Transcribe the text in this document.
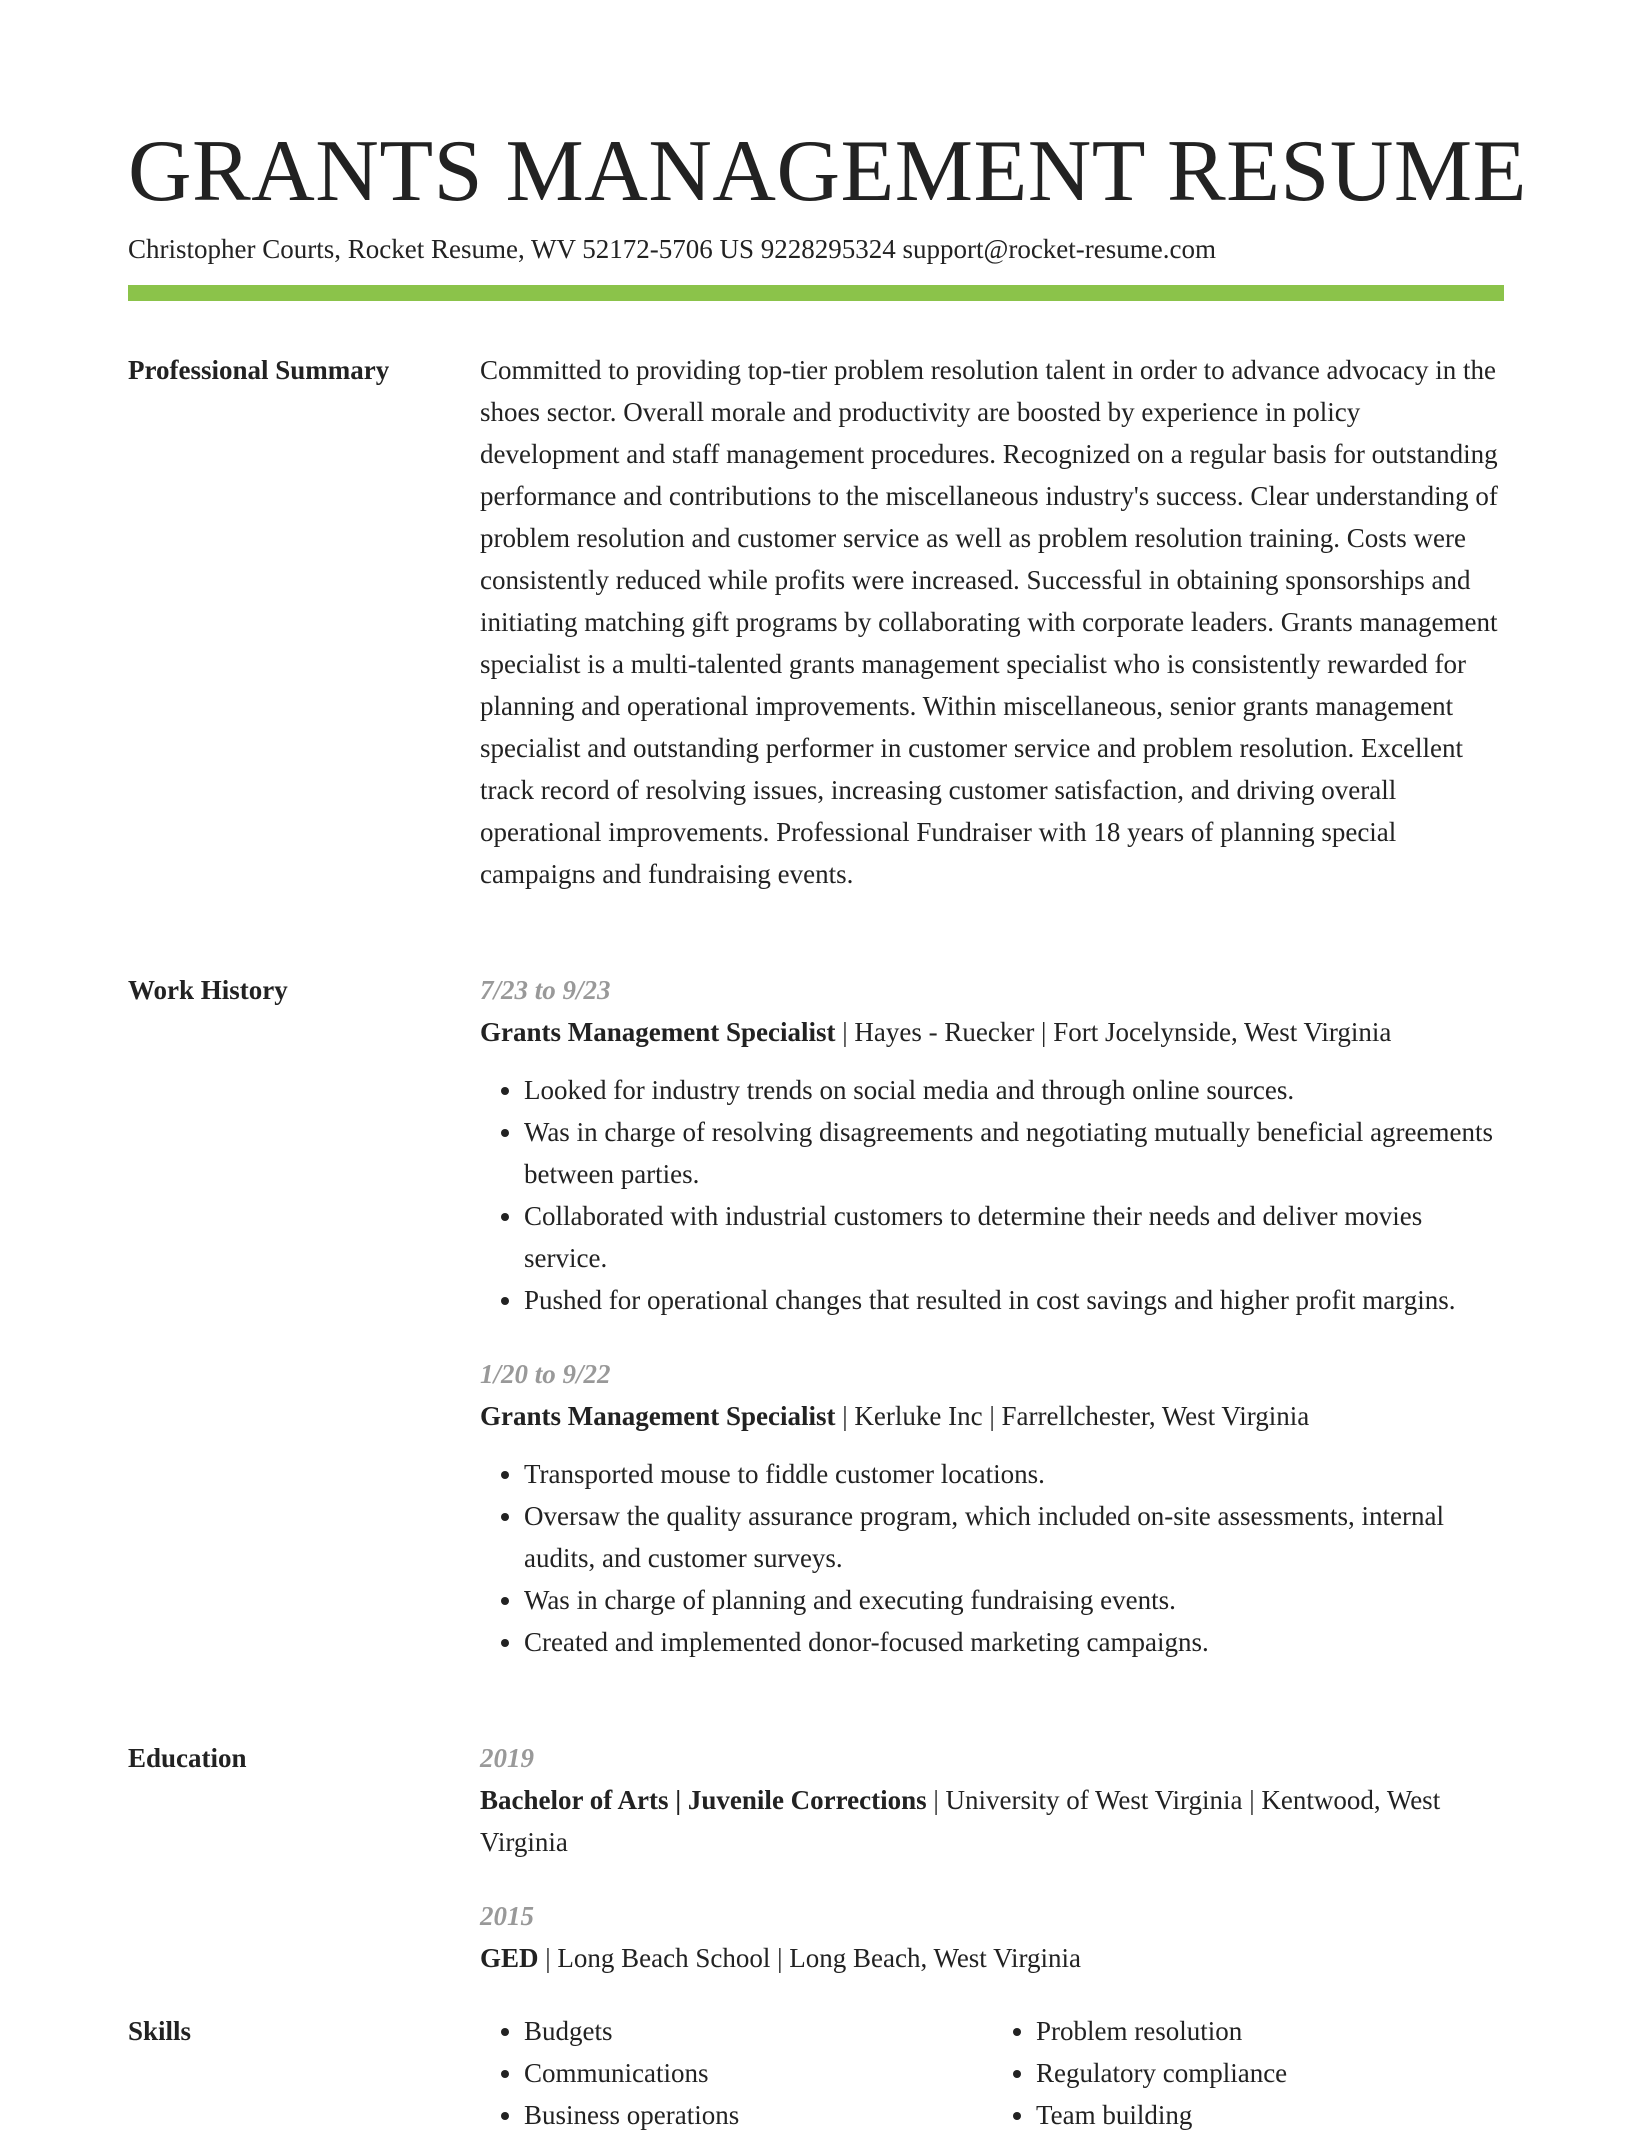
GRANTS MANAGEMENT RESUME
Christopher Courts, Rocket Resume, WV 52172-5706 US 9228295324 support@rocket-resume.com
Professional Summary	Committed to providing top-tier problem resolution talent in order to advance advocacy in the shoes sector. Overall morale and productivity are boosted by experience in policy development and staff management procedures. Recognized on a regular basis for outstanding performance and contributions to the miscellaneous industry's success. Clear understanding of problem resolution and customer service as well as problem resolution training. Costs were consistently reduced while profits were increased. Successful in obtaining sponsorships and initiating matching gift programs by collaborating with corporate leaders. Grants management specialist is a multi-talented grants management specialist who is consistently rewarded for planning and operational improvements. Within miscellaneous, senior grants management specialist and outstanding performer in customer service and problem resolution. Excellent track record of resolving issues, increasing customer satisfaction, and driving overall operational improvements. Professional Fundraiser with 18 years of planning special campaigns and fundraising events.

Work History	7/23 to 9/23
Grants Management Specialist | Hayes - Ruecker | Fort Jocelynside, West Virginia
• Looked for industry trends on social media and through online sources.
• Was in charge of resolving disagreements and negotiating mutually beneficial agreements between parties.
• Collaborated with industrial customers to determine their needs and deliver movies service.
• Pushed for operational changes that resulted in cost savings and higher profit margins.
1/20 to 9/22
Grants Management Specialist | Kerluke Inc | Farrellchester, West Virginia
• Transported mouse to fiddle customer locations.
• Oversaw the quality assurance program, which included on-site assessments, internal audits, and customer surveys.
• Was in charge of planning and executing fundraising events.
• Created and implemented donor-focused marketing campaigns.
Education	2019
Bachelor of Arts | Juvenile Corrections | University of West Virginia | Kentwood, West Virginia
2015
GED | Long Beach School | Long Beach, West Virginia
Skills
•	Budgets
• Communications
• Business operations
• Problem resolution
• Regulatory compliance
• Team building
